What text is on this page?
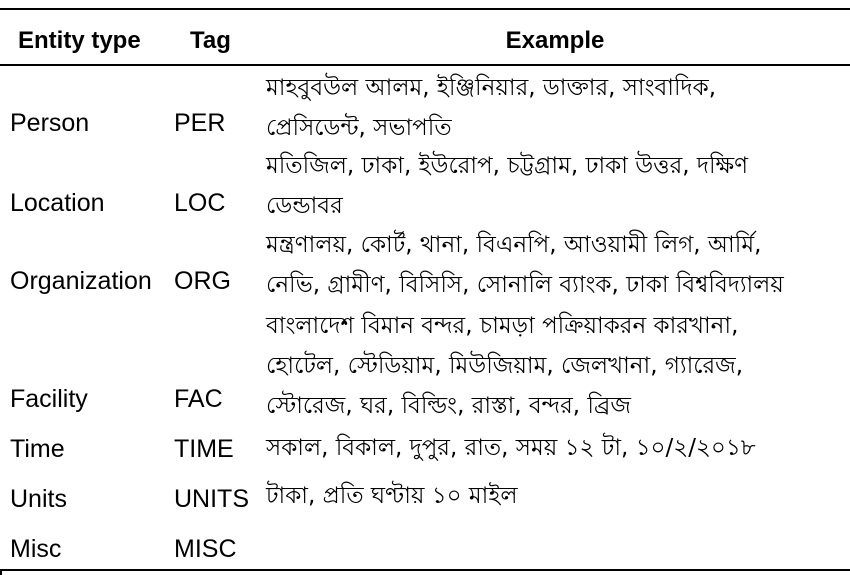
Entity type Tag	Example
Person	PER
মাহবুবউল আলম, ইঞ্জিনিয়ার, ডাক্তার, সাংবাদিক,
প্রেসিডেন্ট, সভাপতি
Location	LOC
মতিজিল, ঢাকা, ইউরোপ, চট্টগ্রাম, ঢাকা উত্তর, দক্ষিণ
ডেন্ডাবর
Organization ORG
মন্ত্রণালয়, কোর্ট, থানা, বিএনপি, আওয়ামী লিগ, আর্মি,
নেভি, গ্রামীণ, বিসিসি, সোনালি ব্যাংক, ঢাকা বিশ্ববিদ্যালয়
Facility	FAC
বাংলাদেশ বিমান বন্দর, চামড়া পক্রিয়াকরন কারখানা,
হোটেল, স্টেডিয়াম, মিউজিয়াম, জেলখানা, গ্যারেজ,
স্টোরেজ, ঘর, বিল্ডিং, রাস্তা, বন্দর, ব্রিজ
Time	TIME সকাল, বিকাল, দুপুর, রাত, সময় ১২ টা, ১০/২/২০১৮
Units	UNITS টাকা, প্রতি ঘণ্টায় ১০ মাইল
Misc	MISC
